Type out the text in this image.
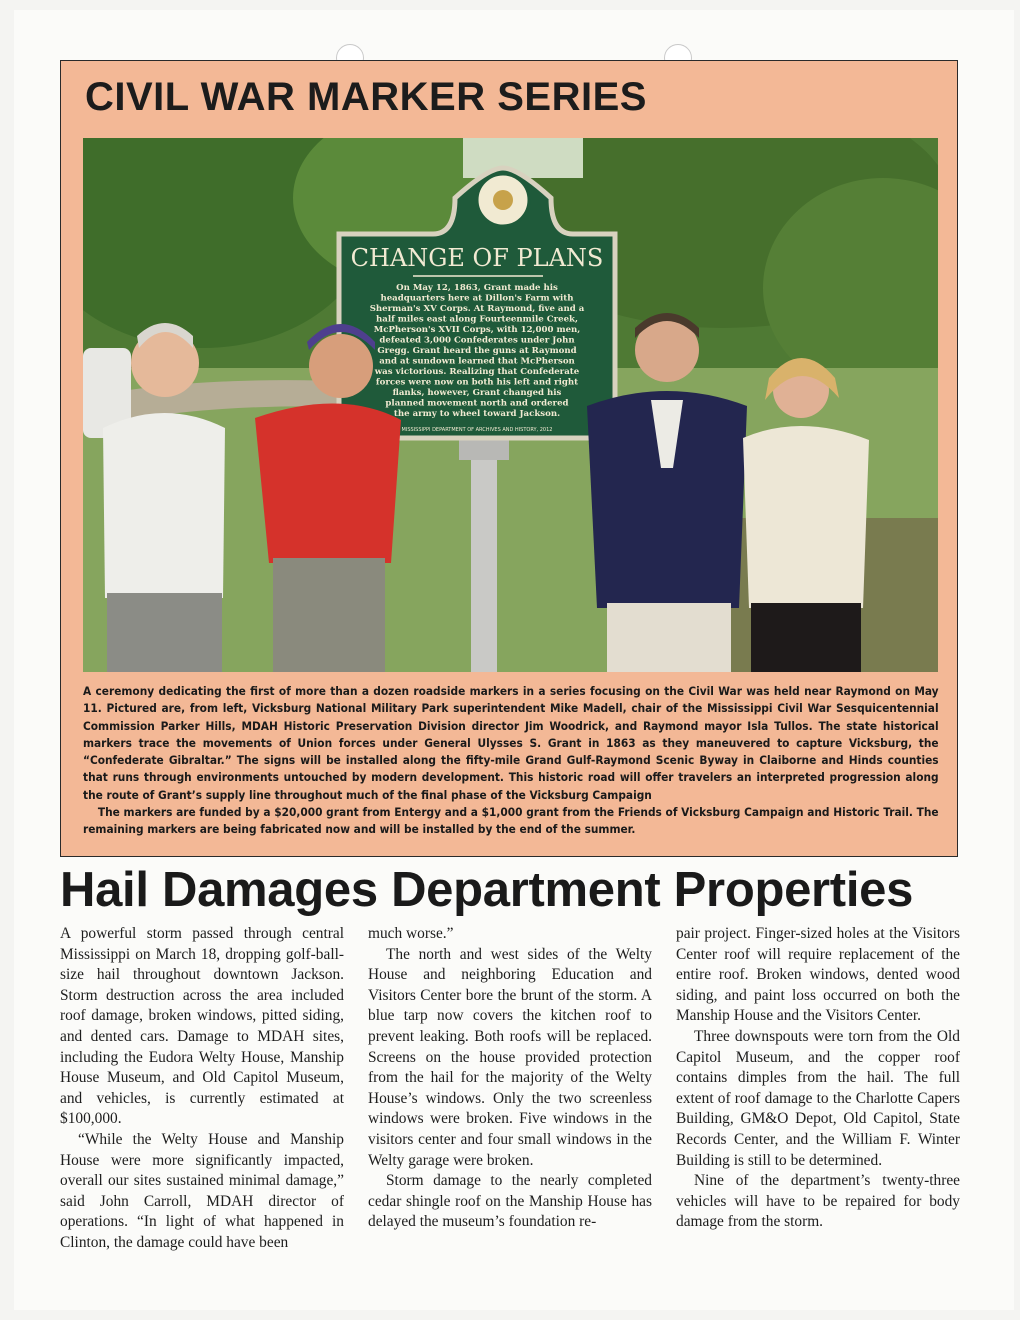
CIVIL WAR MARKER SERIES
CHANGE OF PLANS
On May 12, 1863, Grant made his
headquarters here at Dillon's Farm with
Sherman's XV Corps. At Raymond, five and a
half miles east along Fourteenmile Creek,
McPherson's XVII Corps, with 12,000 men,
defeated 3,000 Confederates under John
Gregg. Grant heard the guns at Raymond
and at sundown learned that McPherson
was victorious. Realizing that Confederate
forces were now on both his left and right
flanks, however, Grant changed his
planned movement north and ordered
the army to wheel toward Jackson.
MISSISSIPPI DEPARTMENT OF ARCHIVES AND HISTORY, 2012

A ceremony dedicating the first of more than a dozen roadside markers in a series focusing on the Civil War was held near Raymond on May 11. Pictured are, from left, Vicksburg National Military Park superintendent Mike Madell, chair of the Mississippi Civil War Sesquicentennial Commission Parker Hills, MDAH Historic Preservation Division director Jim Woodrick, and Raymond mayor Isla Tullos. The state historical markers trace the movements of Union forces under General Ulysses S. Grant in 1863 as they maneuvered to capture Vicksburg, the “Confederate Gibraltar.” The signs will be installed along the fifty-mile Grand Gulf-Raymond Scenic Byway in Claiborne and Hinds counties that runs through environments untouched by modern development. This historic road will offer travelers an interpreted progression along the route of Grant’s supply line throughout much of the final phase of the Vicksburg Campaign

The markers are funded by a $20,000 grant from Entergy and a $1,000 grant from the Friends of Vicksburg Campaign and Historic Trail. The remaining markers are being fabricated now and will be installed by the end of the summer.

Hail Damages Department Properties

A powerful storm passed through central Mississippi on March 18, dropping golf-ball-size hail throughout downtown Jackson. Storm destruction across the area included roof damage, broken windows, pitted siding, and dented cars. Damage to MDAH sites, including the Eudora Welty House, Manship House Museum, and Old Capitol Museum, and vehicles, is currently estimated at $100,000.

“While the Welty House and Manship House were more significantly impacted, overall our sites sustained minimal damage,” said John Carroll, MDAH director of operations. “In light of what happened in Clinton, the damage could have been

much worse.”

The north and west sides of the Welty House and neighboring Education and Visitors Center bore the brunt of the storm. A blue tarp now covers the kitchen roof to prevent leaking. Both roofs will be replaced. Screens on the house provided protection from the hail for the majority of the Welty House’s windows. Only the two screenless windows were broken. Five windows in the visitors center and four small windows in the Welty garage were broken.

Storm damage to the nearly completed cedar shingle roof on the Manship House has delayed the museum’s foundation re-

pair project. Finger-sized holes at the Visitors Center roof will require replacement of the entire roof. Broken windows, dented wood siding, and paint loss occurred on both the Manship House and the Visitors Center.

Three downspouts were torn from the Old Capitol Museum, and the copper roof contains dimples from the hail. The full extent of roof damage to the Charlotte Capers Building, GM&O Depot, Old Capitol, State Records Center, and the William F. Winter Building is still to be determined.

Nine of the department’s twenty-three vehicles will have to be repaired for body damage from the storm.
